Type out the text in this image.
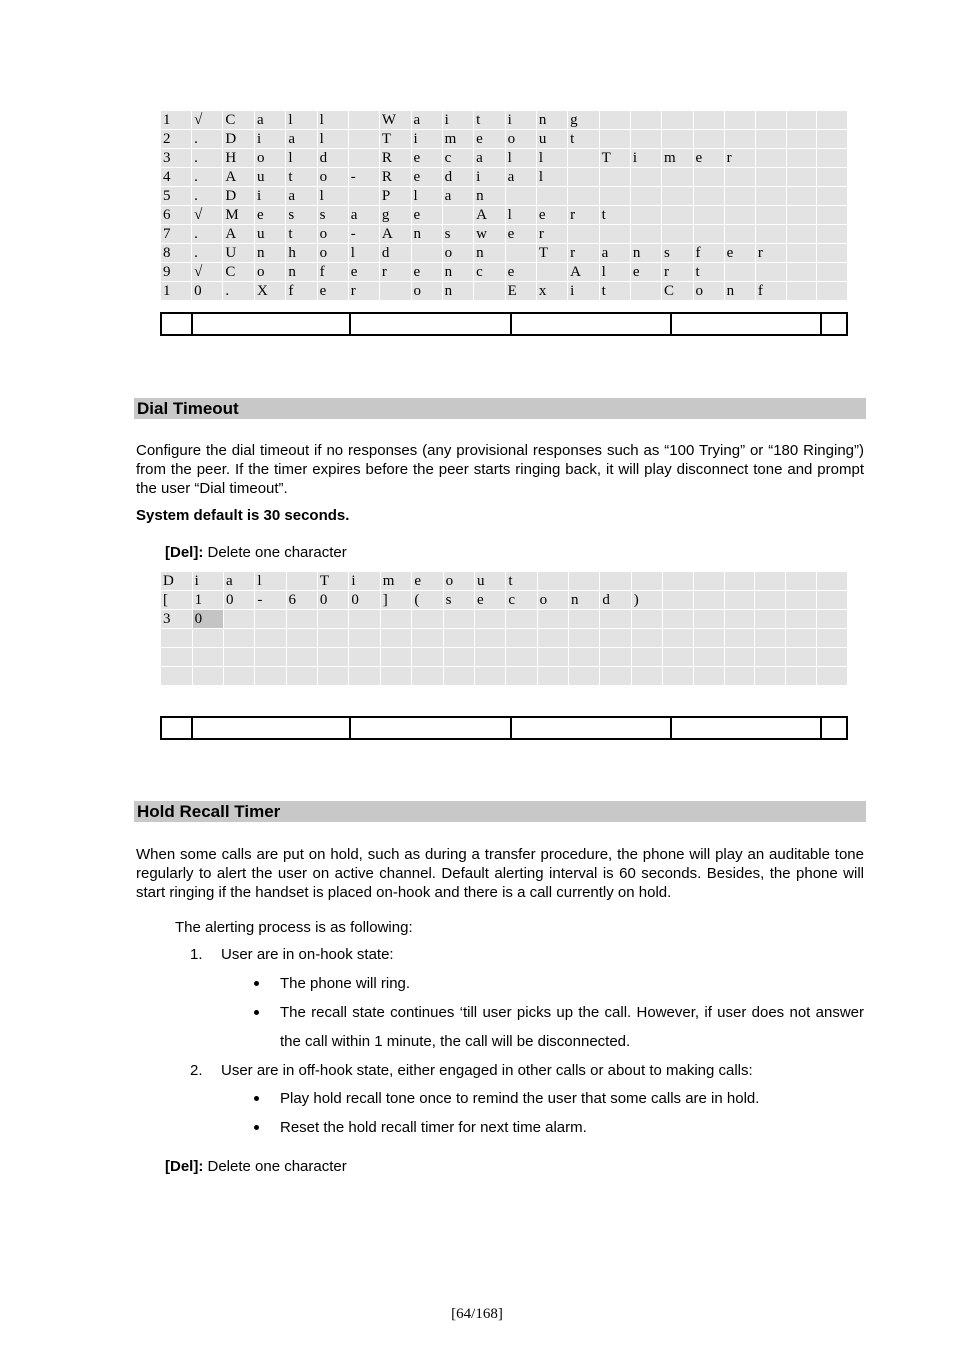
1	√	C	a	l	l		W	a	i	t	i	n	g								
2	.	D	i	a	l		T	i	m	e	o	u	t								
3	.	H	o	l	d		R	e	c	a	l	l		T	i	m	e	r			
4	.	A	u	t	o	-	R	e	d	i	a	l									
5	.	D	i	a	l		P	l	a	n											
6	√	M	e	s	s	a	g	e		A	l	e	r	t							
7	.	A	u	t	o	-	A	n	s	w	e	r									
8	.	U	n	h	o	l	d		o	n		T	r	a	n	s	f	e	r		
9	√	C	o	n	f	e	r	e	n	c	e		A	l	e	r	t				
1	0	.	X	f	e	r		o	n		E	x	i	t		C	o	n	f		
Dial Timeout
Configure the dial timeout if no responses (any provisional responses such as “100 Trying” or “180 Ringing”) from the peer. If the timer expires before the peer starts ringing back, it will play disconnect tone and prompt the user “Dial timeout”.
System default is 30 seconds.
[Del]: Delete one character
D	i	a	l		T	i	m	e	o	u	t										
[	1	0	-	6	0	0	]	(	s	e	c	o	n	d	)						
3	0																				

Hold Recall Timer
When some calls are put on hold, such as during a transfer procedure, the phone will play an auditable tone regularly to alert the user on active channel. Default alerting interval is 60 seconds. Besides, the phone will start ringing if the handset is placed on-hook and there is a call currently on hold.
The alerting process is as following:
1. User are in on-hook state:
The phone will ring.
The recall state continues ‘till user picks up the call. However, if user does not answer the call within 1 minute, the call will be disconnected.
2. User are in off-hook state, either engaged in other calls or about to making calls:
Play hold recall tone once to remind the user that some calls are in hold.
Reset the hold recall timer for next time alarm.
[Del]: Delete one character
[64/168]
